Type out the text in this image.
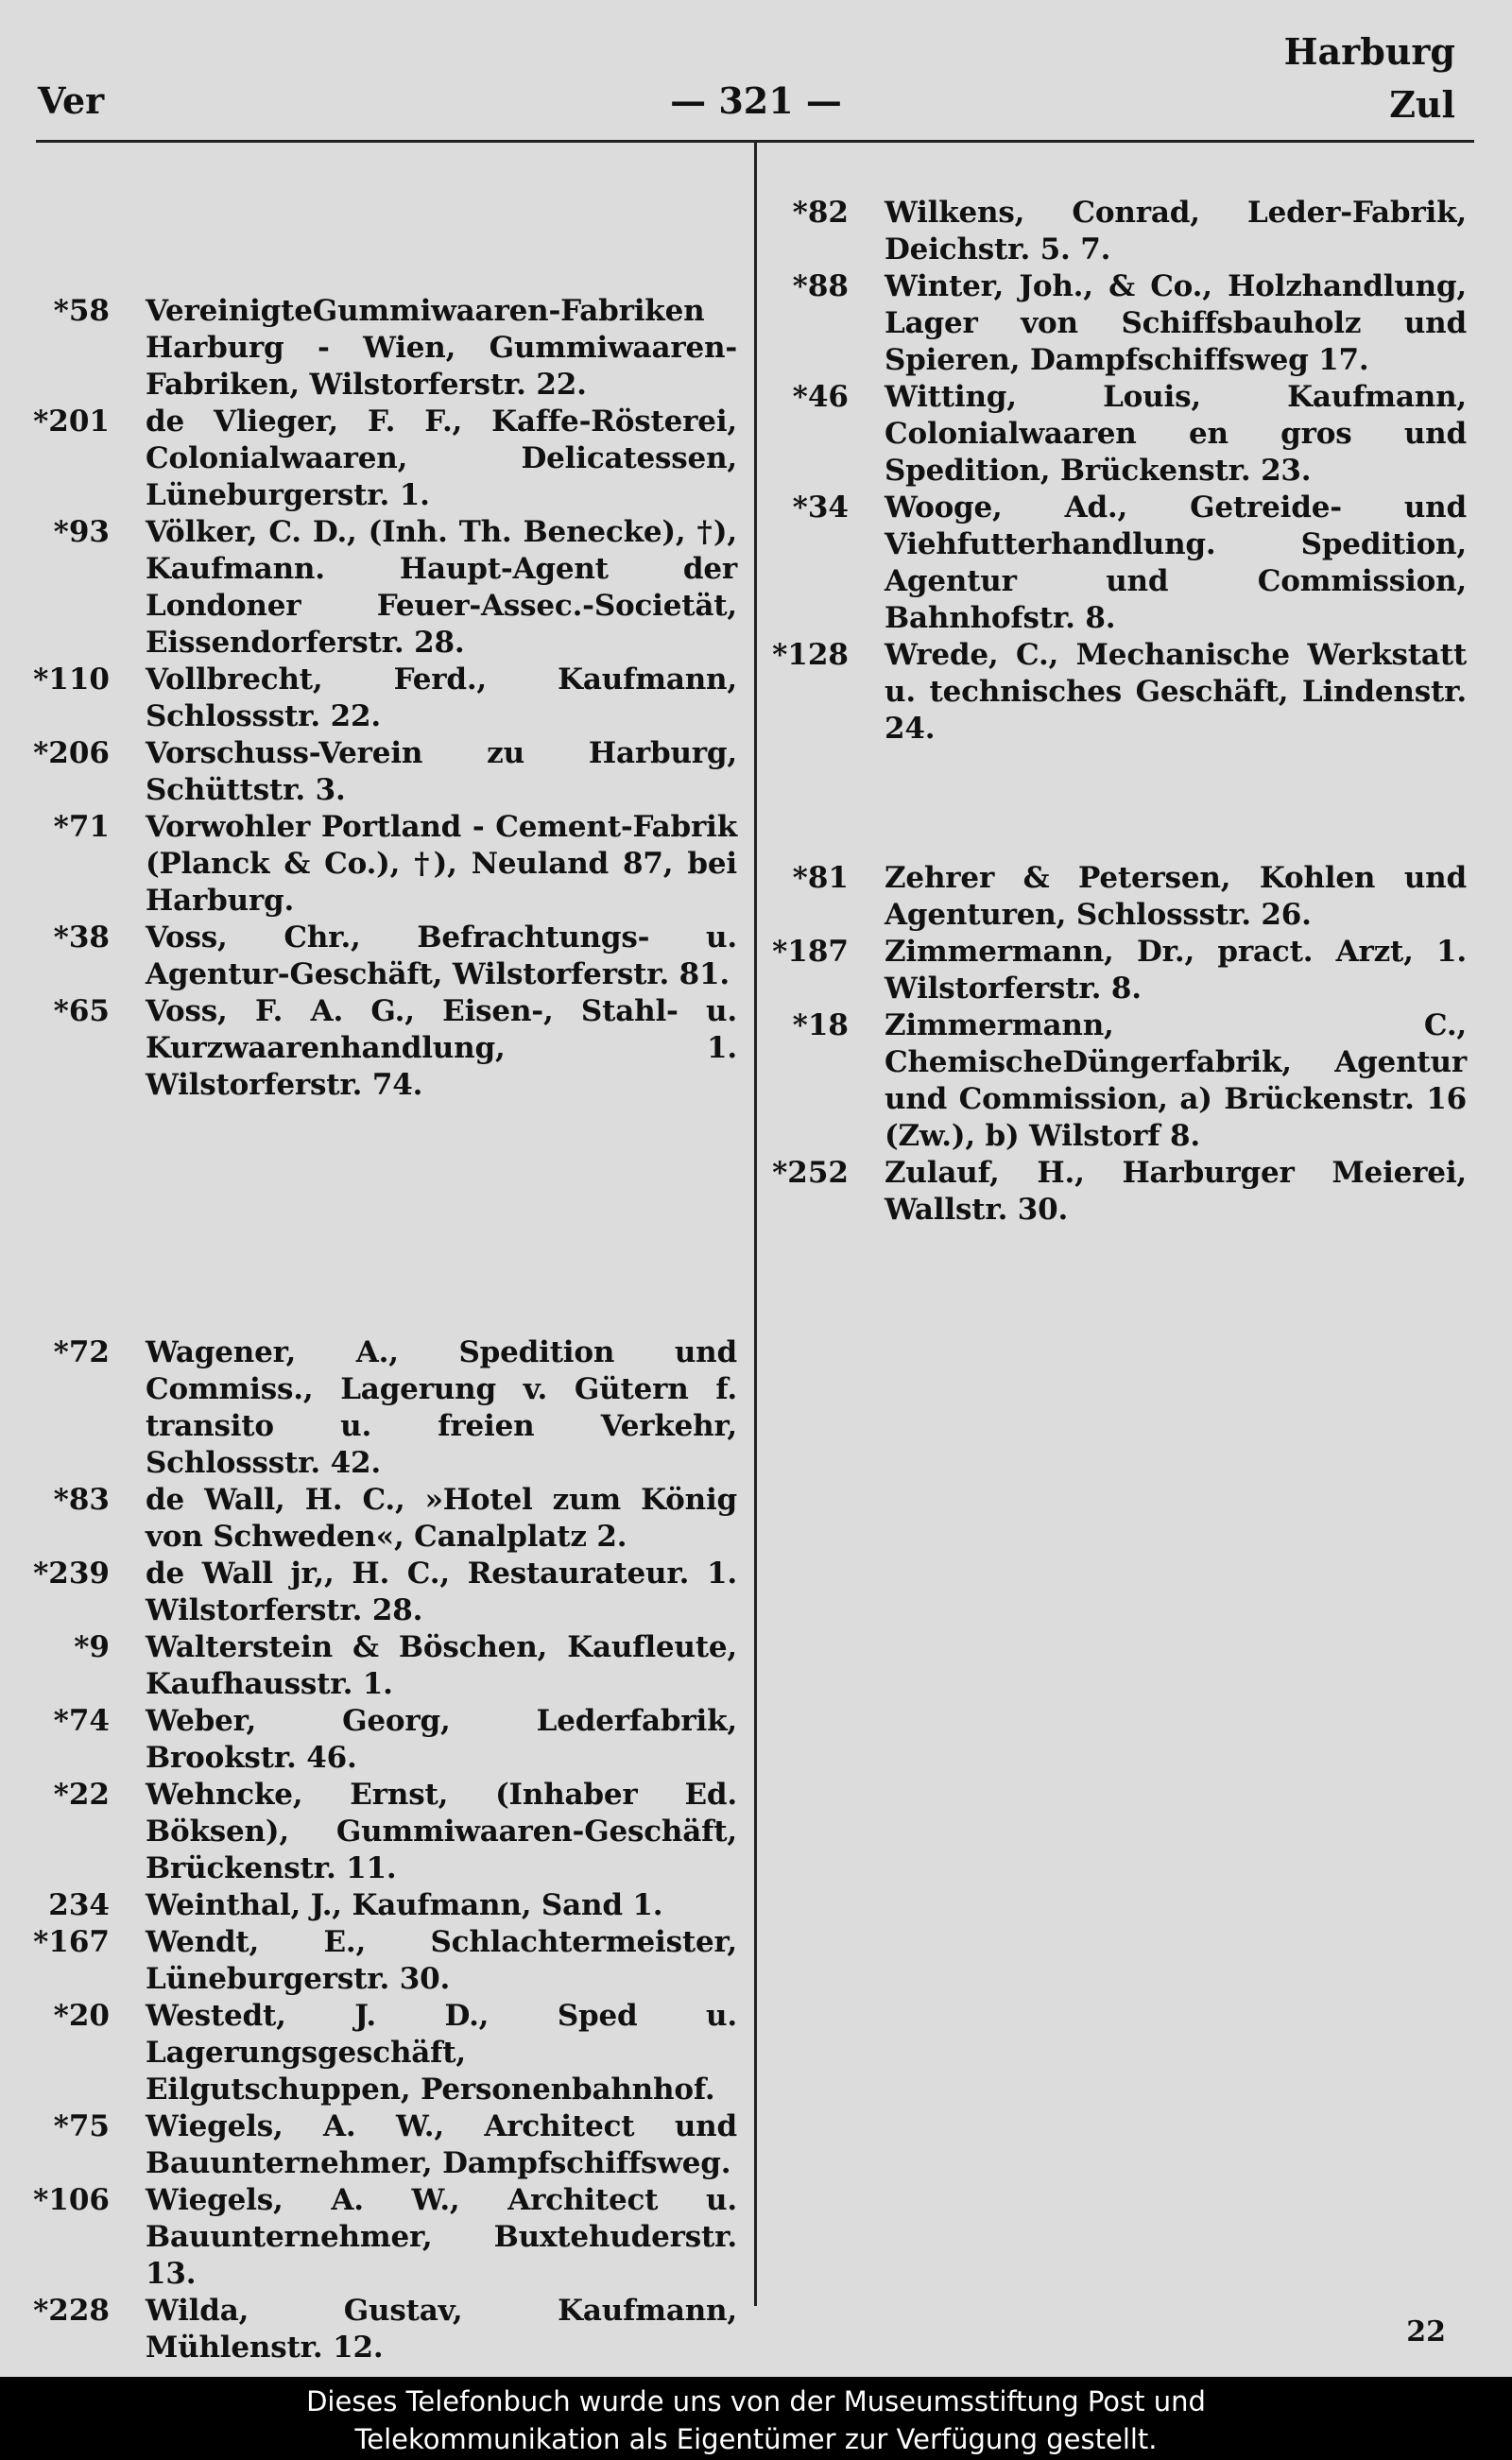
Ver	— 321 —
Harburg
Zul
*58 VereinigteGummiwaaren-Fabriken Harburg - Wien, Gummiwaaren-Fabriken, Wilstorferstr. 22.
*201 de Vlieger, F. F., Kaffe-Rösterei, Colonialwaaren, Delicatessen, Lüneburgerstr. 1.
*93 Völker, C. D., (Inh. Th. Benecke), †), Kaufmann. Haupt-Agent der Londoner Feuer-Assec.-Societät, Eissendorferstr. 28.
*110 Vollbrecht, Ferd., Kaufmann, Schlossstr. 22.
*206 Vorschuss-Verein zu Harburg, Schüttstr. 3.
*71 Vorwohler Portland - Cement-Fabrik (Planck & Co.), †), Neuland 87, bei Harburg.
*38 Voss, Chr., Befrachtungs- u. Agentur-Geschäft, Wilstorferstr. 81.
*65 Voss, F. A. G., Eisen-, Stahl- u. Kurzwaarenhandlung, 1. Wilstorferstr. 74.
*72 Wagener, A., Spedition und Commiss., Lagerung v. Gütern f. transito u. freien Verkehr, Schlossstr. 42.
*83 de Wall, H. C., »Hotel zum König von Schweden«, Canalplatz 2.
*239 de Wall jr,, H. C., Restaurateur. 1. Wilstorferstr. 28.
*9 Walterstein & Böschen, Kaufleute, Kaufhausstr. 1.
*74 Weber, Georg, Lederfabrik, Brookstr. 46.
*22 Wehncke, Ernst, (Inhaber Ed. Böksen), Gummiwaaren-Geschäft, Brückenstr. 11.
234 Weinthal, J., Kaufmann, Sand 1.
*167 Wendt, E., Schlachtermeister, Lüneburgerstr. 30.
*20 Westedt, J. D., Sped u. Lagerungsgeschäft, Eilgutschuppen, Personenbahnhof.
*75 Wiegels, A. W., Architect und Bauunternehmer, Dampfschiffsweg.
*106 Wiegels, A. W., Architect u. Bauunternehmer, Buxtehuderstr. 13.
*228 Wilda, Gustav, Kaufmann, Mühlenstr. 12.
*82 Wilkens, Conrad, Leder-Fabrik, Deichstr. 5. 7.
*88 Winter, Joh., & Co., Holzhandlung, Lager von Schiffsbauholz und Spieren, Dampfschiffsweg 17.
*46 Witting, Louis, Kaufmann, Colonialwaaren en gros und Spedition, Brückenstr. 23.
*34 Wooge, Ad., Getreide- und Viehfutterhandlung. Spedition, Agentur und Commission, Bahnhofstr. 8.
*128 Wrede, C., Mechanische Werkstatt u. technisches Geschäft, Lindenstr. 24.
*81 Zehrer & Petersen, Kohlen und Agenturen, Schlossstr. 26.
*187 Zimmermann, Dr., pract. Arzt, 1. Wilstorferstr. 8.
*18 Zimmermann, C., ChemischeDüngerfabrik, Agentur und Commission, a) Brückenstr. 16 (Zw.), b) Wilstorf 8.
*252 Zulauf, H., Harburger Meierei, Wallstr. 30.
22
Dieses Telefonbuch wurde uns von der Museumsstiftung Post und
Telekommunikation als Eigentümer zur Verfügung gestellt.
